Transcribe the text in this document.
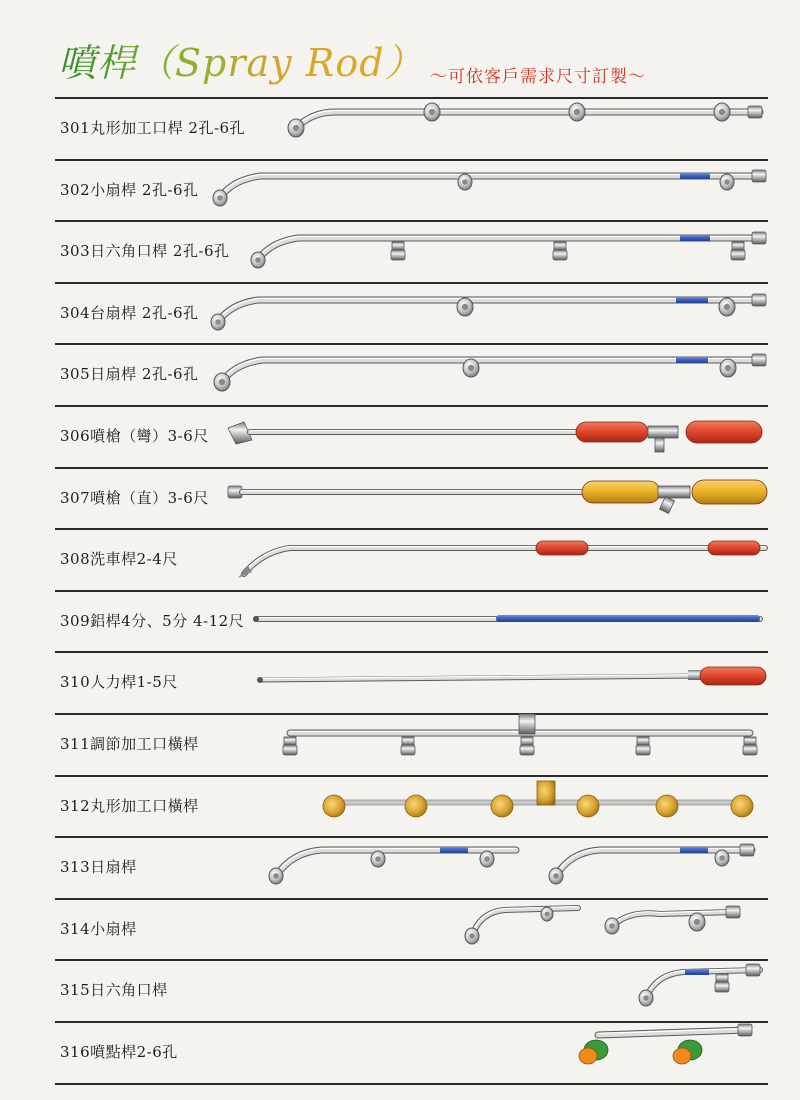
噴桿（Spray Rod） ～可依客戶需求尺寸訂製～
301丸形加工口桿 2孔-6孔
302小扇桿 2孔-6孔
303日六角口桿 2孔-6孔
304台扇桿 2孔-6孔
305日扇桿 2孔-6孔
306噴槍（彎）3-6尺
307噴槍（直）3-6尺
308洗車桿2-4尺
309鋁桿4分、5分 4-12尺
310人力桿1-5尺
311調節加工口橫桿
312丸形加工口橫桿
313日扇桿
314小扇桿
315日六角口桿
316噴點桿2-6孔
